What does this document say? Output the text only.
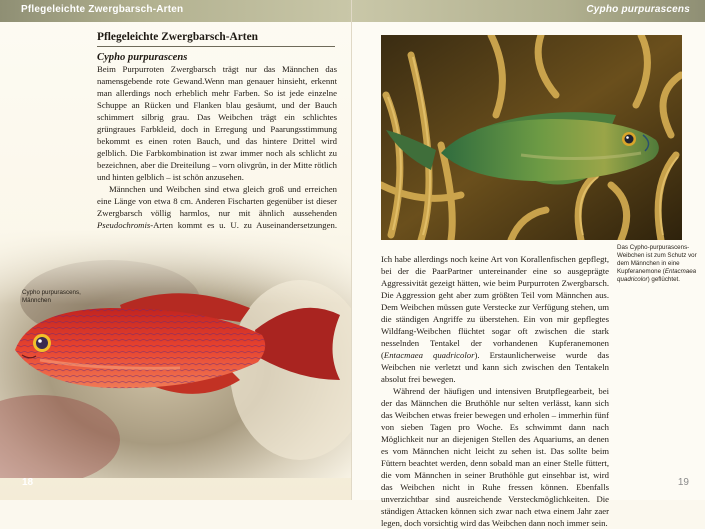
Pflegeleichte Zwergbarsch-Arten
Pflegeleichte Zwergbarsch-Arten
Cypho purpurascens

Beim Purpurroten Zwergbarsch trägt nur das Männchen das namensgebende rote Gewand.Wenn man genauer hinsieht, erkennt man allerdings noch erheblich mehr Farben. So ist jede einzelne Schuppe an Rücken und Flanken blau gesäumt, und der Bauch schimmert silbrig grau. Das Weibchen trägt ein schlichtes grüngraues Farbkleid, doch in Erregung und Paarungsstimmung bekommt es einen roten Bauch, und das hintere Drittel wird gelblich. Die Farbkombination ist zwar immer noch als schlicht zu bezeichnen, aber die Dreiteilung – vorn olivgrün, in der Mitte rötlich und hinten gelblich – ist schön anzusehen.

Männchen und Weibchen sind etwa gleich groß und erreichen eine Länge von etwa 8 cm. Anderen Fischarten gegenüber ist dieser Zwergbarsch völlig harmlos, nur mit ähnlich aussehenden Pseudochromis-Arten kommt es u. U. zu Auseinandersetzungen.

Cypho purpurascens, Männchen
18
Cypho purpurascens
19
Das Cypho-purpurascens-Weibchen ist zum Schutz vor dem Männchen in eine Kupferanemone (Entacmaea quadricolor) geflüchtet.

Ich habe allerdings noch keine Art von Korallenfischen gepflegt, bei der die PaarPartner untereinander eine so ausgeprägte Aggressivität gezeigt hätten, wie beim Purpurroten Zwergbarsch. Die Aggression geht aber zum größten Teil vom Männchen aus. Dem Weibchen müssen gute Verstecke zur Verfügung stehen, um die ständigen Angriffe zu überstehen. Ein von mir gepflegtes Wildfang-Weibchen flüchtet sogar oft zwischen die stark nesselnden Tentakel der vorhandenen Kupferanemonen (Entacmaea quadricolor). Erstaunlicherweise wurde das Weibchen nie verletzt und kann sich zwischen den Tentakeln absolut frei bewegen.

Während der häufigen und intensiven Brutpflegearbeit, bei der das Männchen die Bruthöhle nur selten verlässt, kann sich das Weibchen etwas freier bewegen und erholen – immerhin fünf von sieben Tagen pro Woche. Es schwimmt dann nach Möglichkeit nur an diejenigen Stellen des Aquariums, an denen es vom Männchen nicht leicht zu sehen ist. Das sollte beim Füttern beachtet werden, denn sobald man an einer Stelle füttert, die vom Männchen in seiner Bruthöhle gut einsehbar ist, wird das Weibchen nicht in Ruhe fressen können. Ebenfalls unverzichtbar sind ausreichende Versteckmöglichkeiten. Die ständigen Attacken können sich zwar nach etwa einem Jahr zaer legen, doch vorsichtig wird das Weibchen dann noch immer sein.
